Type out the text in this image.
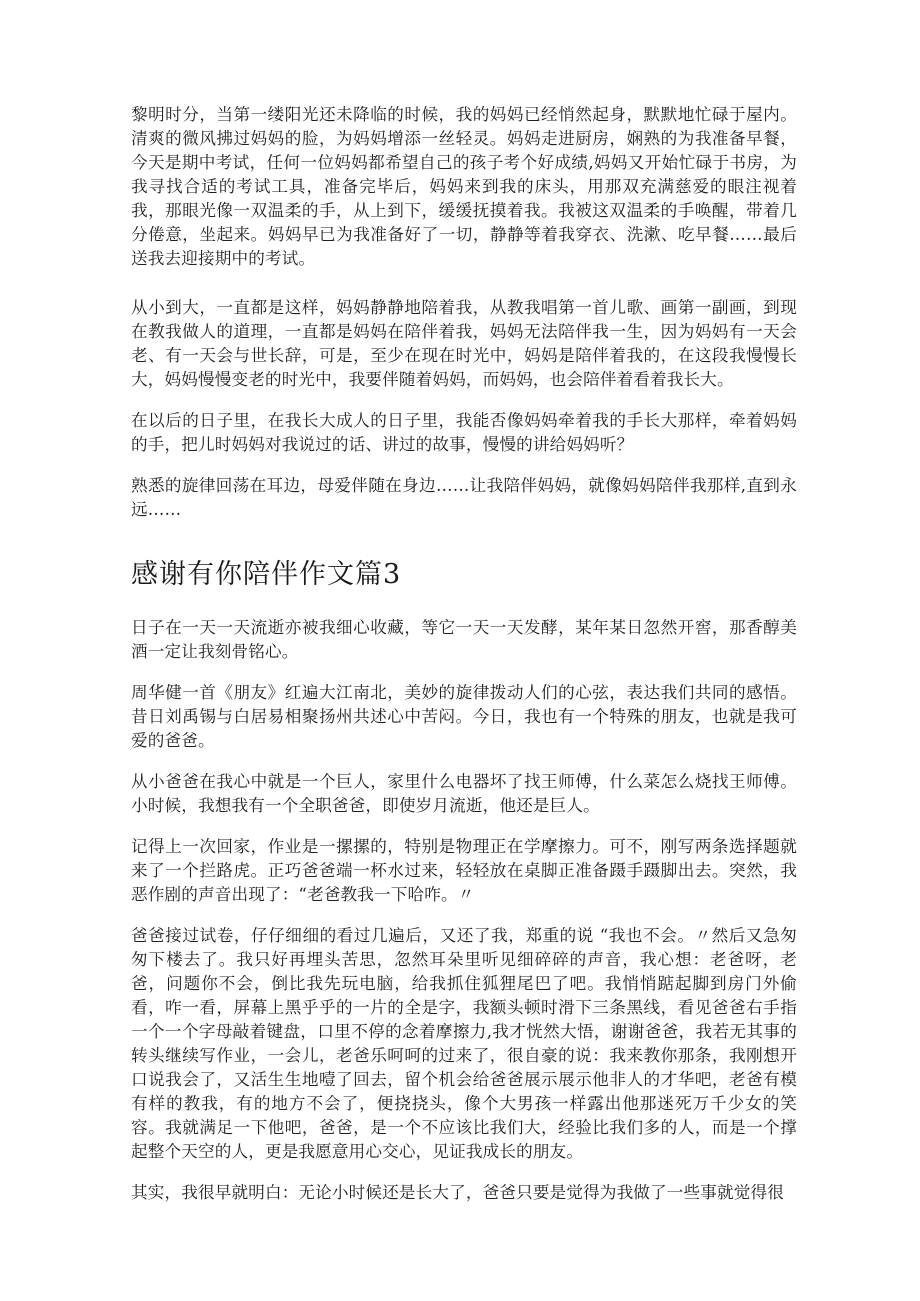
黎明时分，当第一缕阳光还未降临的时候，我的妈妈已经悄然起身，默默地忙碌于屋内。清爽的微风拂过妈妈的脸，为妈妈增添一丝轻灵。妈妈走进厨房，娴熟的为我准备早餐，今天是期中考试，任何一位妈妈都希望自己的孩子考个好成绩,妈妈又开始忙碌于书房，为我寻找合适的考试工具，准备完毕后，妈妈来到我的床头，用那双充满慈爱的眼注视着我，那眼光像一双温柔的手，从上到下，缓缓抚摸着我。我被这双温柔的手唤醒，带着几分倦意，坐起来。妈妈早已为我准备好了一切，静静等着我穿衣、洗漱、吃早餐……最后送我去迎接期中的考试。

从小到大，一直都是这样，妈妈静静地陪着我，从教我唱第一首儿歌、画第一副画，到现在教我做人的道理，一直都是妈妈在陪伴着我，妈妈无法陪伴我一生，因为妈妈有一天会老、有一天会与世长辞，可是，至少在现在时光中，妈妈是陪伴着我的，在这段我慢慢长大，妈妈慢慢变老的时光中，我要伴随着妈妈，而妈妈，也会陪伴着看着我长大。

在以后的日子里，在我长大成人的日子里，我能否像妈妈牵着我的手长大那样，牵着妈妈的手，把儿时妈妈对我说过的话、讲过的故事，慢慢的讲给妈妈听？

熟悉的旋律回荡在耳边，母爱伴随在身边……让我陪伴妈妈，就像妈妈陪伴我那样,直到永远……

感谢有你陪伴作文篇3

日子在一天一天流逝亦被我细心收藏，等它一天一天发酵，某年某日忽然开窖，那香醇美酒一定让我刻骨铭心。

周华健一首《朋友》红遍大江南北，美妙的旋律拨动人们的心弦，表达我们共同的感悟。昔日刘禹锡与白居易相聚扬州共述心中苦闷。今日，我也有一个特殊的朋友，也就是我可爱的爸爸。

从小爸爸在我心中就是一个巨人，家里什么电器坏了找王师傅，什么菜怎么烧找王师傅。小时候，我想我有一个全职爸爸，即使岁月流逝，他还是巨人。

记得上一次回家，作业是一摞摞的，特别是物理正在学摩擦力。可不，刚写两条选择题就来了一个拦路虎。正巧爸爸端一杯水过来，轻轻放在桌脚正准备蹑手蹑脚出去。突然，我恶作剧的声音出现了：“老爸教我一下哈咋。〃

爸爸接过试卷，仔仔细细的看过几遍后，又还了我，郑重的说 “我也不会。〃然后又急匆匆下楼去了。我只好再埋头苦思，忽然耳朵里听见细碎碎的声音，我心想：老爸呀，老爸，问题你不会，倒比我先玩电脑，给我抓住狐狸尾巴了吧。我悄悄踮起脚到房门外偷看，咋一看，屏幕上黑乎乎的一片的全是字，我额头顿时滑下三条黑线，看见爸爸右手指一个一个字母敲着键盘，口里不停的念着摩擦力,我才恍然大悟，谢谢爸爸，我若无其事的转头继续写作业，一会儿，老爸乐呵呵的过来了，很自豪的说：我来教你那条，我刚想开口说我会了，又活生生地噎了回去，留个机会给爸爸展示展示他非人的才华吧，老爸有模有样的教我，有的地方不会了，便挠挠头，像个大男孩一样露出他那迷死万千少女的笑容。我就满足一下他吧，爸爸，是一个不应该比我们大，经验比我们多的人，而是一个撑起整个天空的人，更是我愿意用心交心，见证我成长的朋友。

其实，我很早就明白：无论小时候还是长大了，爸爸只要是觉得为我做了一些事就觉得很
